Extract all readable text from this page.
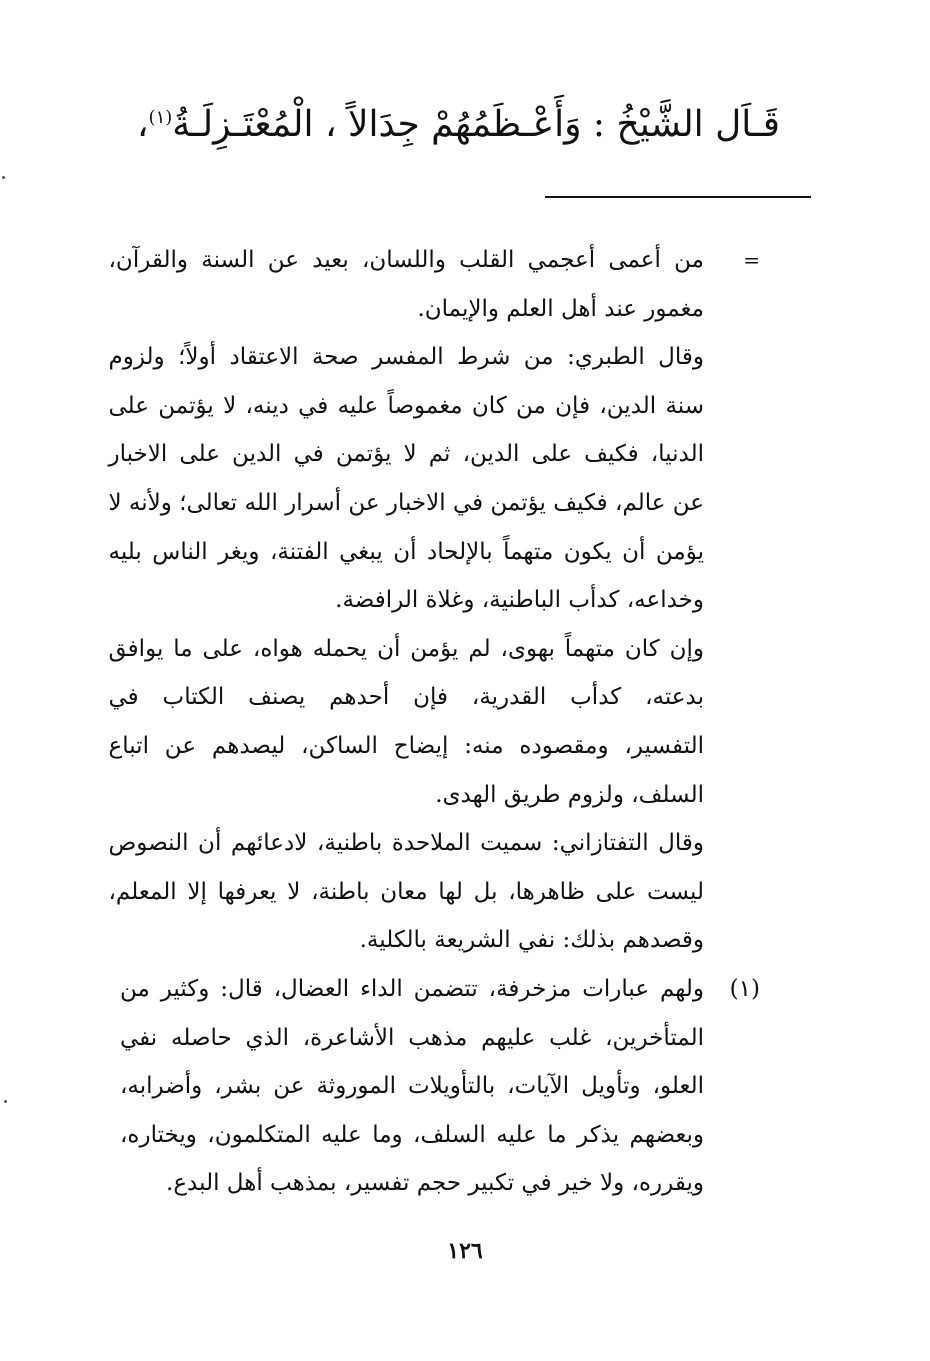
قَـاَل الشَّيْخُ : وَأَعْـظَمُهُمْ جِدَالاً ، الْمُعْتَـزِلَـةُ$^{(١)}$،
=
من أعمى أعجمي القلب واللسان، بعيد عن السنة والقرآن،
مغمور عند أهل العلم والإيمان.
وقال الطبري: من شرط المفسر صحة الاعتقاد أولاً؛ ولزوم
سنة الدين، فإن من كان مغموصاً عليه في دينه، لا يؤتمن على
الدنيا، فكيف على الدين، ثم لا يؤتمن في الدين على الاخبار
عن عالم، فكيف يؤتمن في الاخبار عن أسرار الله تعالى؛ ولأنه لا
يؤمن أن يكون متهماً بالإلحاد أن يبغي الفتنة، ويغر الناس بليه
وخداعه، كدأب الباطنية، وغلاة الرافضة.
وإن كان متهماً بهوى، لم يؤمن أن يحمله هواه، على ما يوافق
بدعته، كدأب القدرية، فإن أحدهم يصنف الكتاب في
التفسير، ومقصوده منه: إيضاح الساكن، ليصدهم عن اتباع
السلف، ولزوم طريق الهدى.
وقال التفتازاني: سميت الملاحدة باطنية، لادعائهم أن النصوص
ليست على ظاهرها، بل لها معان باطنة، لا يعرفها إلا المعلم،
وقصدهم بذلك: نفي الشريعة بالكلية.
(١)
ولهم عبارات مزخرفة، تتضمن الداء العضال، قال: وكثير من
المتأخرين، غلب عليهم مذهب الأشاعرة، الذي حاصله نفي
العلو، وتأويل الآيات، بالتأويلات الموروثة عن بشر، وأضرابه،
وبعضهم يذكر ما عليه السلف، وما عليه المتكلمون، ويختاره،
ويقرره، ولا خير في تكبير حجم تفسير، بمذهب أهل البدع.
١٢٦
